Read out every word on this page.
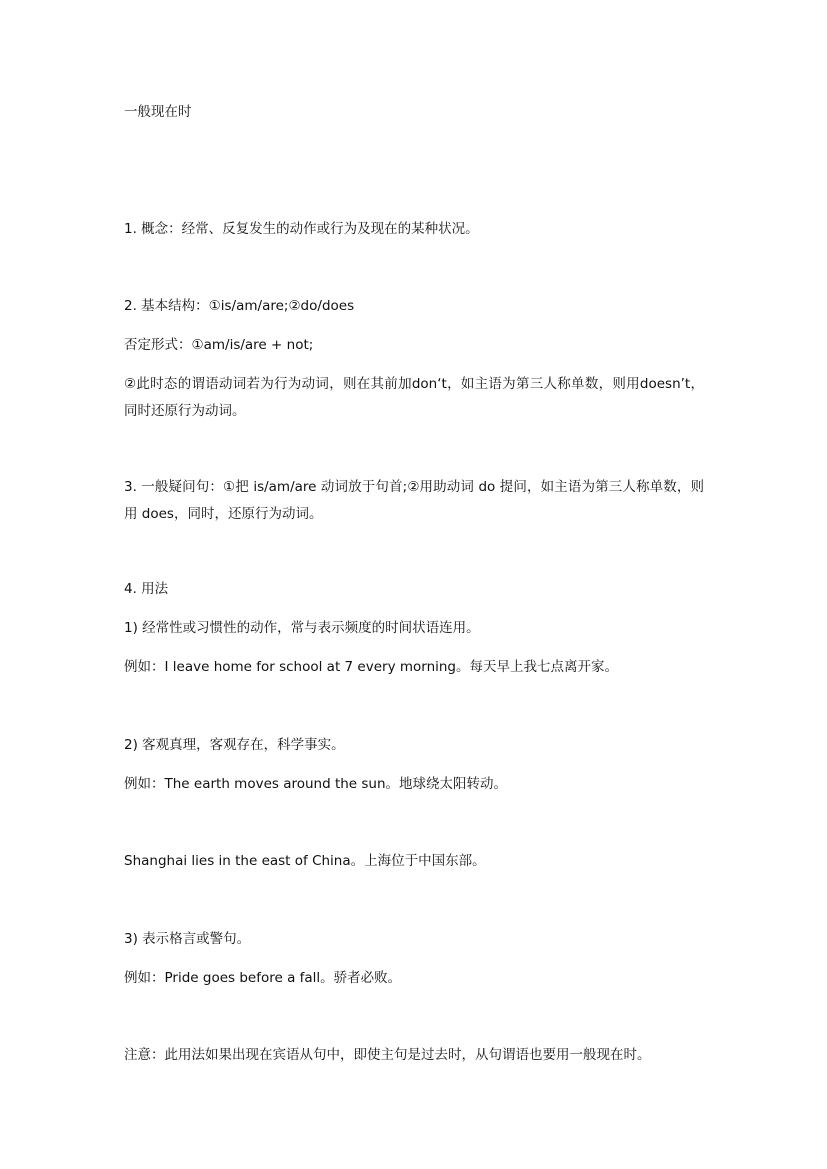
一般现在时

1. 概念：经常、反复发生的动作或行为及现在的某种状况。

2. 基本结构：①is/am/are;②do/does

否定形式：①am/is/are + not;

②此时态的谓语动词若为行为动词，则在其前加don‘t，如主语为第三人称单数，则用doesn’t，同时还原行为动词。

3. 一般疑问句：①把 is/am/are 动词放于句首;②用助动词 do 提问，如主语为第三人称单数，则用 does，同时，还原行为动词。

4. 用法

1) 经常性或习惯性的动作，常与表示频度的时间状语连用。

例如：I leave home for school at 7 every morning。每天早上我七点离开家。

2) 客观真理，客观存在，科学事实。

例如：The earth moves around the sun。地球绕太阳转动。

Shanghai lies in the east of China。上海位于中国东部。

3) 表示格言或警句。

例如：Pride goes before a fall。骄者必败。

注意：此用法如果出现在宾语从句中，即使主句是过去时，从句谓语也要用一般现在时。
